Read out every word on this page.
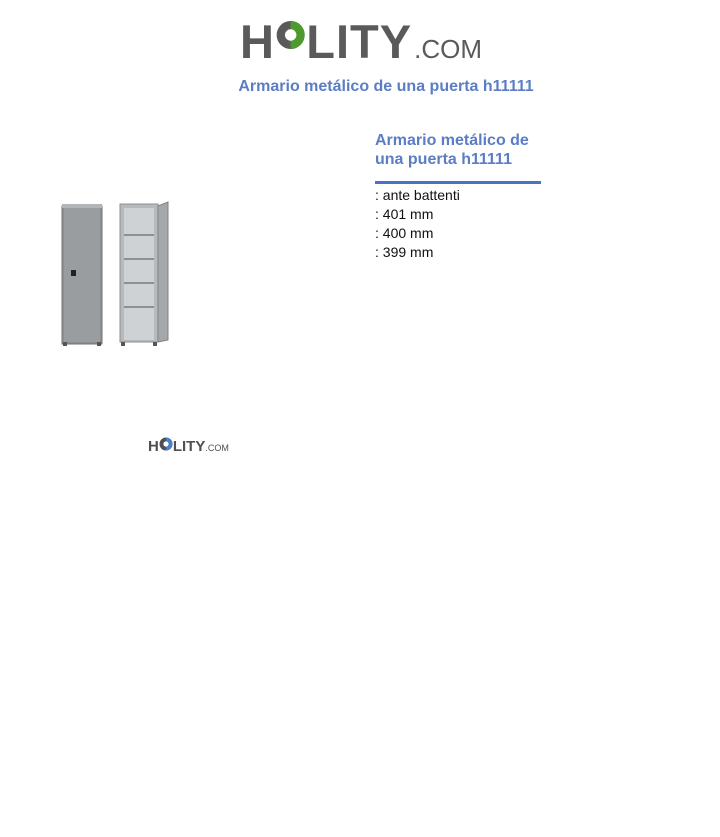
H LITY .COM
Armario metálico de una puerta h11111
Armario metálico de una puerta h11111
: ante battenti
: 401 mm
: 400 mm
: 399 mm
H LITY .COM
